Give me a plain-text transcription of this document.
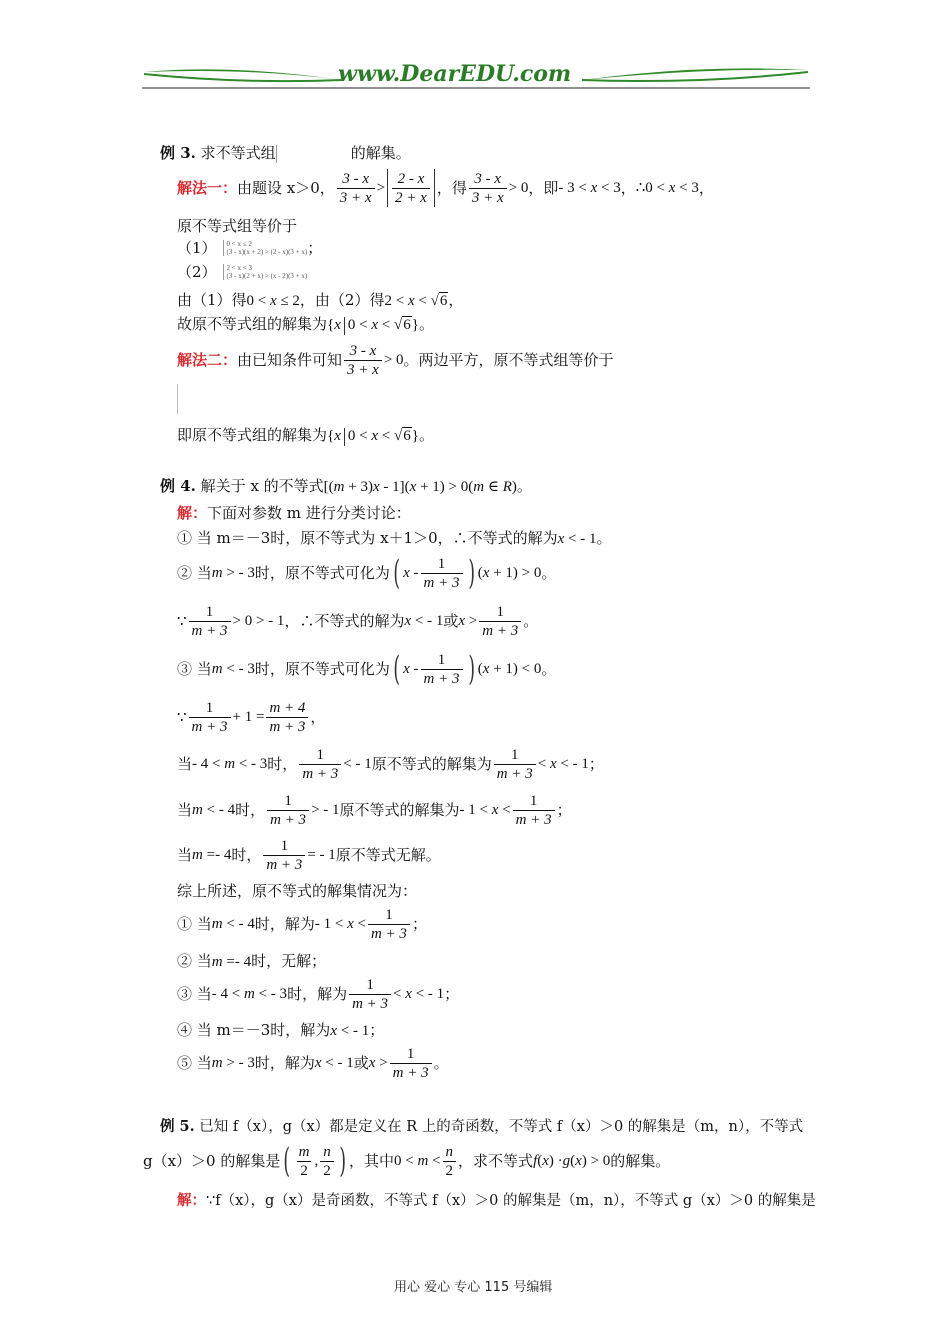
www.DearEDU.com
例 3. 求不等式组	的解集。
解法一： 由题设 x＞0， $\frac{3 - x}{3 + x} > \frac{2 - x}{2 + x}$ ，得 $\frac{3 - x}{3 + x} > 0$ ，即 - 3 < x < 3 ， ∴0 < x < 3 ，
原不等式组等价于
（1） 0 < x ≤ 2
(3 - x)(x + 2) > (2 - x)(3 + x) ；
（2） 2 < x < 3
(3 - x)(2 + x) > (x - 2)(3 + x)
由（1）得0 < x ≤ 2，由（2）得2 < x < √6，
故原不等式组的解集为{x 0 < x < √6}。
解法二： 由已知条件可知 $\frac{3 - x}{3 + x} > 0$ 。两边平方，原不等式组等价于
即原不等式组的解集为{x 0 < x < √6}。
例 4. 解关于 x 的不等式[(m + 3)x - 1](x + 1) > 0(m ∈ R)。
解：下面对参数 m 进行分类讨论：
① 当 m＝－3时，原不等式为 x＋1＞0，∴不等式的解为x < - 1。
② 当 m > - 3 时，原不等式可化为 ( x - $\frac{1}{m + 3}$ ) (x + 1) > 0 。
∵ $\frac{1}{m + 3} > 0$ > - 1 ，∴不等式的解为 x < - 1 或 $x > \frac{1}{m + 3}$ 。
③ 当 m < - 3 时，原不等式可化为 ( x - $\frac{1}{m + 3}$ ) (x + 1) < 0 。
∵ $\frac{1}{m + 3} + 1 = \frac{m + 4}{m + 3}$ ，
当 - 4 < m < - 3 时， $\frac{1}{m + 3}$ < - 1 原不等式的解集为 $\frac{1}{m + 3} < x$ < - 1 ；
当 m < - 4 时， $\frac{1}{m + 3}$ > - 1 原不等式的解集为 - $1 < x < \frac{1}{m + 3}$ ；
当 m =- 4 时， $\frac{1}{m + 3}$ = - 1 原不等式无解。
综上所述，原不等式的解集情况为：
① 当 m < - 4 时，解为 - $1 < x < \frac{1}{m + 3}$ ；
② 当m =- 4时，无解；
③ 当 - 4 < m < - 3 时，解为 $\frac{1}{m + 3} < x$ < - 1 ；
④ 当 m＝－3时，解为x < - 1；
⑤ 当 m > - 3 时，解为 x < - 1 或 $x > \frac{1}{m + 3}$ 。
例 5. 已知 f（x），g（x）都是定义在 R 上的奇函数，不等式 f（x）＞0 的解集是（m，n），不等式
g（x）＞0 的解集是 ( $\frac{m}{2}$ , $\frac{n}{2}$ ) ，其中 $0 < m < \frac{n}{2}$ ，求不等式 f(x) ·g(x) > 0 的解集。
解：∵f（x），g（x）是奇函数，不等式 f（x）＞0 的解集是（m，n），不等式 g（x）＞0 的解集是
用心 爱心 专心 115 号编辑
